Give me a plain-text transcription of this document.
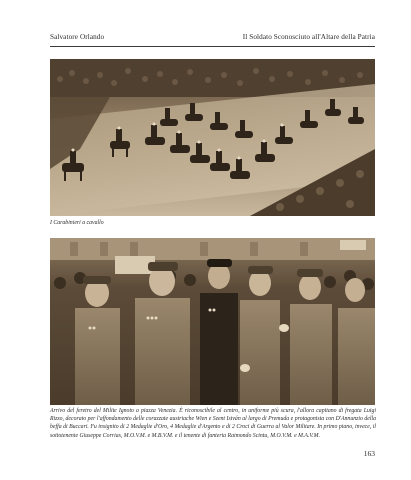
Salvatore Orlando	Il Soldato Sconosciuto all'Altare della Patria
I Carabinieri a cavallo
Arrivo del feretro del Milite Ignoto a piazza Venezia. È riconoscibile al centro, in uniforme più scura, l'allora capitano di fregata Luigi Rizzo, decorato per l'affondamento delle corazzate austriache Wien e Szent István al largo di Premuda e protagonista con D'Annunzio della beffa di Buccari. Fu insignito di 2 Medaglie d'Oro, 4 Medaglie d'Argento e di 2 Croci di Guerra al Valor Militare. In primo piano, invece, il sottotenente Giuseppe Corrias, M.O.V.M. e M.B.V.M. e il tenente di fanteria Raimondo Scintu, M.O.V.M. e M.A.V.M.
163
